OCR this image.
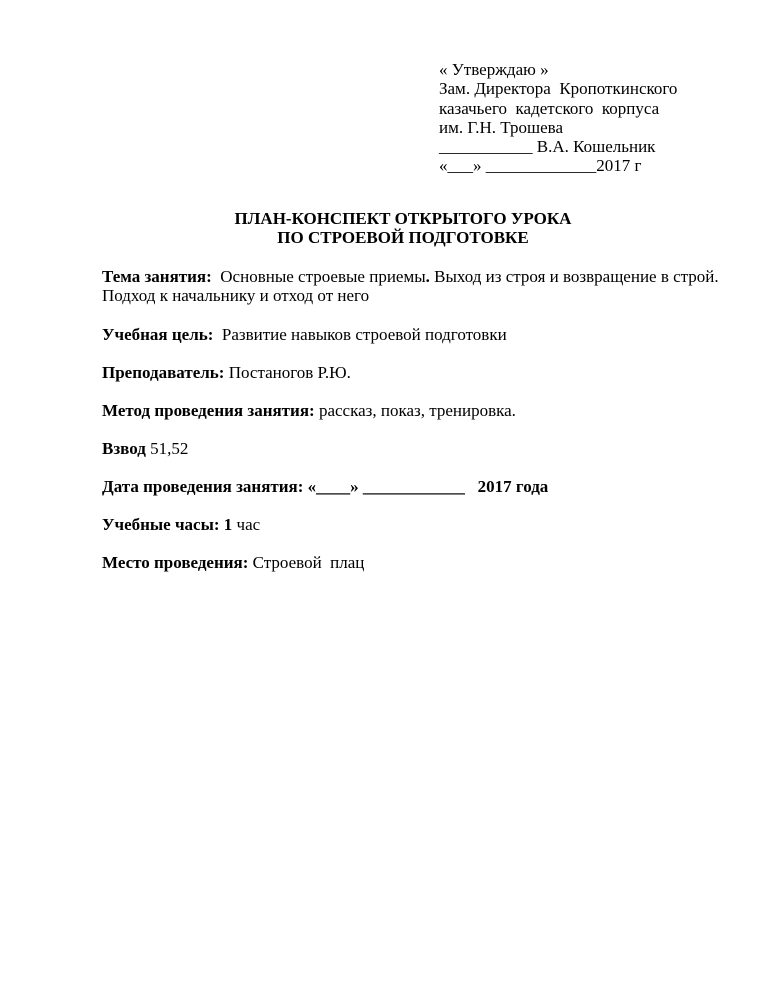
« Утверждаю »
Зам. Директора  Кропоткинского
казачьего  кадетского  корпуса
им. Г.Н. Трошева
___________ В.А. Кошельник
«___» _____________2017 г
ПЛАН-КОНСПЕКТ ОТКРЫТОГО УРОКА
ПО СТРОЕВОЙ ПОДГОТОВКЕ
Тема занятия:  Основные строевые приемы. Выход из строя и возвращение в строй. Подход к начальнику и отход от него
Учебная цель:  Развитие навыков строевой подготовки
Преподаватель: Постаногов Р.Ю.
Метод проведения занятия: рассказ, показ, тренировка.
Взвод 51,52
Дата проведения занятия: «____» ____________   2017 года
Учебные часы: 1 час
Место проведения: Строевой  плац
